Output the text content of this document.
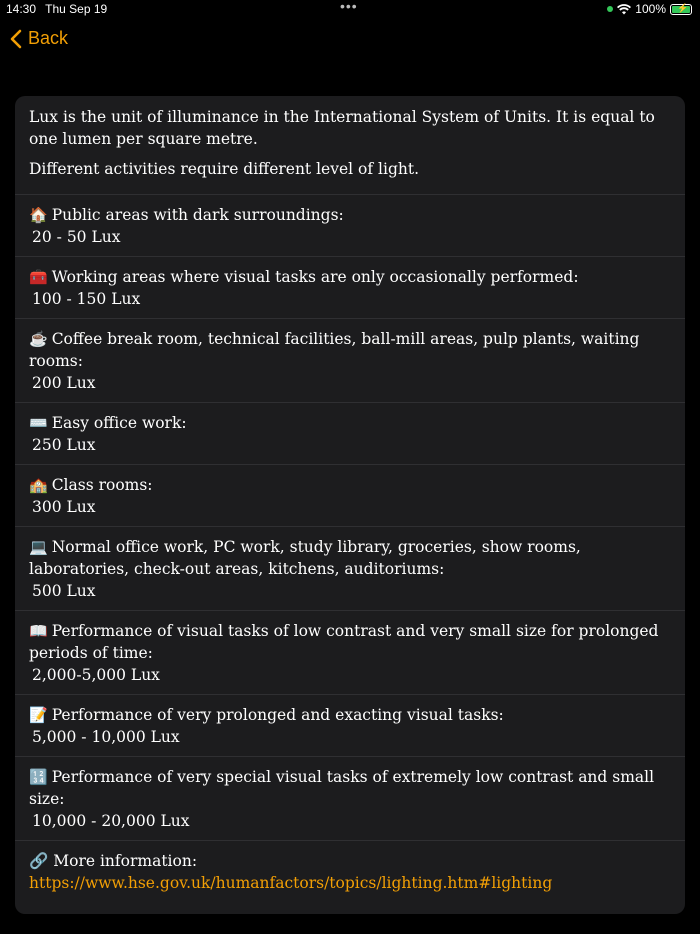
14:30 Thu Sep 19	•••	100% ⚡
Back

Lux is the unit of illuminance in the International System of Units. It is equal to one lumen per square metre.

Different activities require different level of light.

🏠 Public areas with dark surroundings:
20 - 50 Lux
🧰 Working areas where visual tasks are only occasionally performed:
100 - 150 Lux
☕ Coffee break room, technical facilities, ball-mill areas, pulp plants, waiting rooms:
200 Lux
⌨️ Easy office work:
250 Lux
🏫 Class rooms:
300 Lux
💻 Normal office work, PC work, study library, groceries, show rooms, laboratories, check-out areas, kitchens, auditoriums:
500 Lux
📖 Performance of visual tasks of low contrast and very small size for prolonged periods of time:
2,000-5,000 Lux
📝 Performance of very prolonged and exacting visual tasks:
5,000 - 10,000 Lux
🔢 Performance of very special visual tasks of extremely low contrast and small size:
10,000 - 20,000 Lux
🔗 More information: https://www.hse.gov.uk/humanfactors/topics/lighting.htm#lighting
